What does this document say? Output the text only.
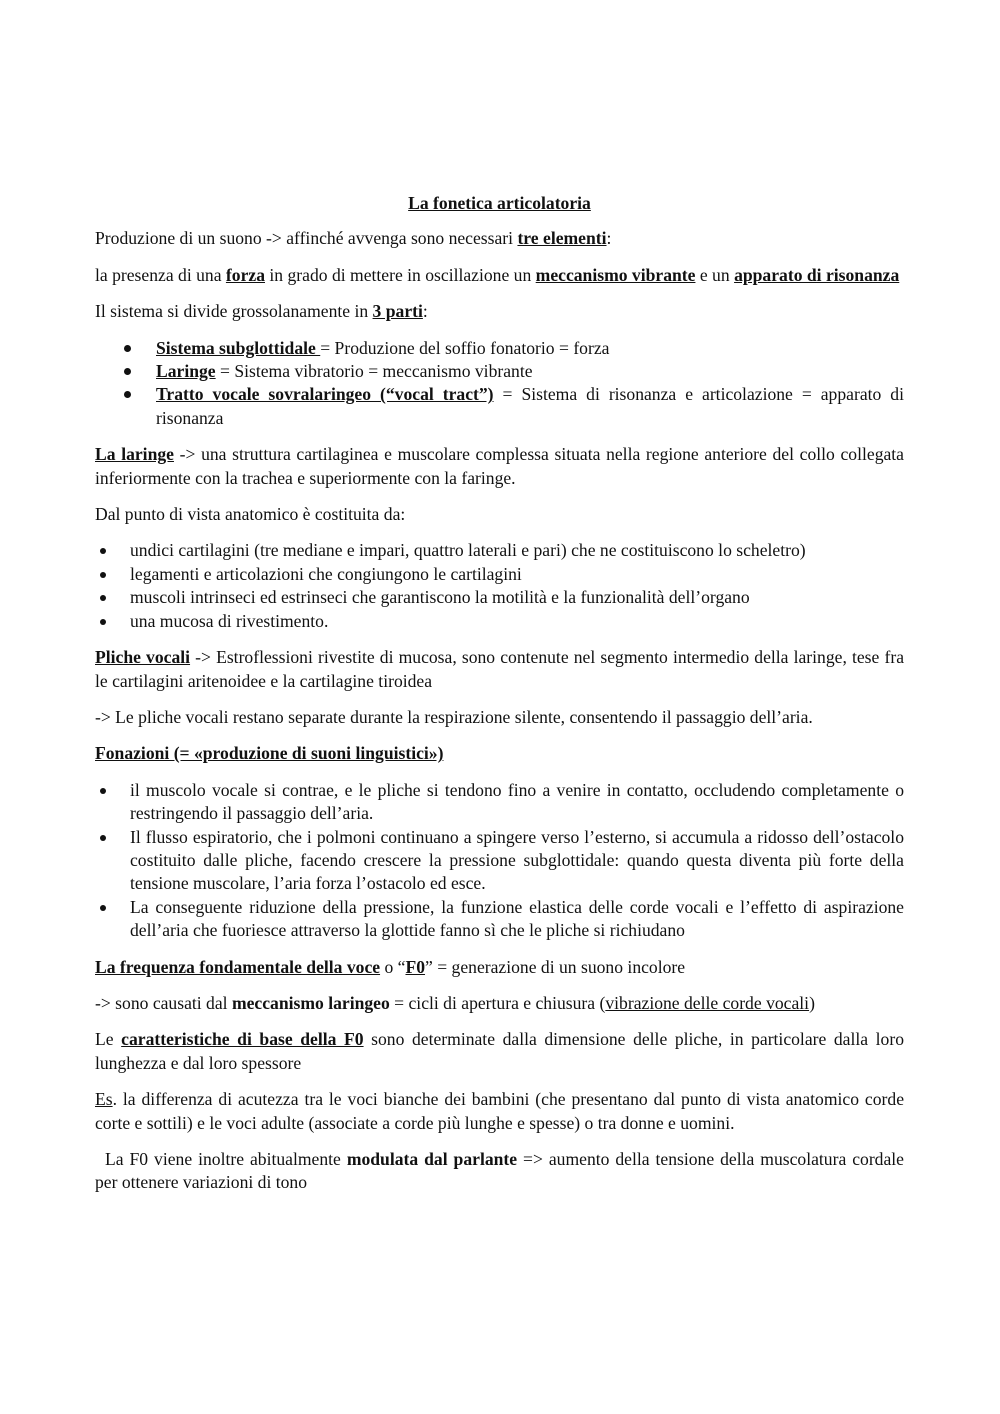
La fonetica articolatoria

Produzione di un suono -> affinché avvenga sono necessari tre elementi:

la presenza di una forza in grado di mettere in oscillazione un meccanismo vibrante e un apparato di risonanza

Il sistema si divide grossolanamente in 3 parti:

Sistema subglottidale = Produzione del soffio fonatorio = forza
Laringe = Sistema vibratorio = meccanismo vibrante
Tratto vocale sovralaringeo (“vocal tract”) = Sistema di risonanza e articolazione = apparato di risonanza

La laringe -> una struttura cartilaginea e muscolare complessa situata nella regione anteriore del collo collegata inferiormente con la trachea e superiormente con la faringe.

Dal punto di vista anatomico è costituita da:

undici cartilagini (tre mediane e impari, quattro laterali e pari) che ne costituiscono lo scheletro)
legamenti e articolazioni che congiungono le cartilagini
muscoli intrinseci ed estrinseci che garantiscono la motilità e la funzionalità dell’organo
una mucosa di rivestimento.

Pliche vocali -> Estroflessioni rivestite di mucosa, sono contenute nel segmento intermedio della laringe, tese fra le cartilagini aritenoidee e la cartilagine tiroidea

-> Le pliche vocali restano separate durante la respirazione silente, consentendo il passaggio dell’aria.

Fonazioni (= «produzione di suoni linguistici»)

il muscolo vocale si contrae, e le pliche si tendono fino a venire in contatto, occludendo completamente o restringendo il passaggio dell’aria.
Il flusso espiratorio, che i polmoni continuano a spingere verso l’esterno, si accumula a ridosso dell’ostacolo costituito dalle pliche, facendo crescere la pressione subglottidale: quando questa diventa più forte della tensione muscolare, l’aria forza l’ostacolo ed esce.
La conseguente riduzione della pressione, la funzione elastica delle corde vocali e l’effetto di aspirazione dell’aria che fuoriesce attraverso la glottide fanno sì che le pliche si richiudano

La frequenza fondamentale della voce o “F0” = generazione di un suono incolore

-> sono causati dal meccanismo laringeo = cicli di apertura e chiusura (vibrazione delle corde vocali)

Le caratteristiche di base della F0 sono determinate dalla dimensione delle pliche, in particolare dalla loro lunghezza e dal loro spessore

Es. la differenza di acutezza tra le voci bianche dei bambini (che presentano dal punto di vista anatomico corde corte e sottili) e le voci adulte (associate a corde più lunghe e spesse) o tra donne e uomini.

La F0 viene inoltre abitualmente modulata dal parlante => aumento della tensione della muscolatura cordale per ottenere variazioni di tono
